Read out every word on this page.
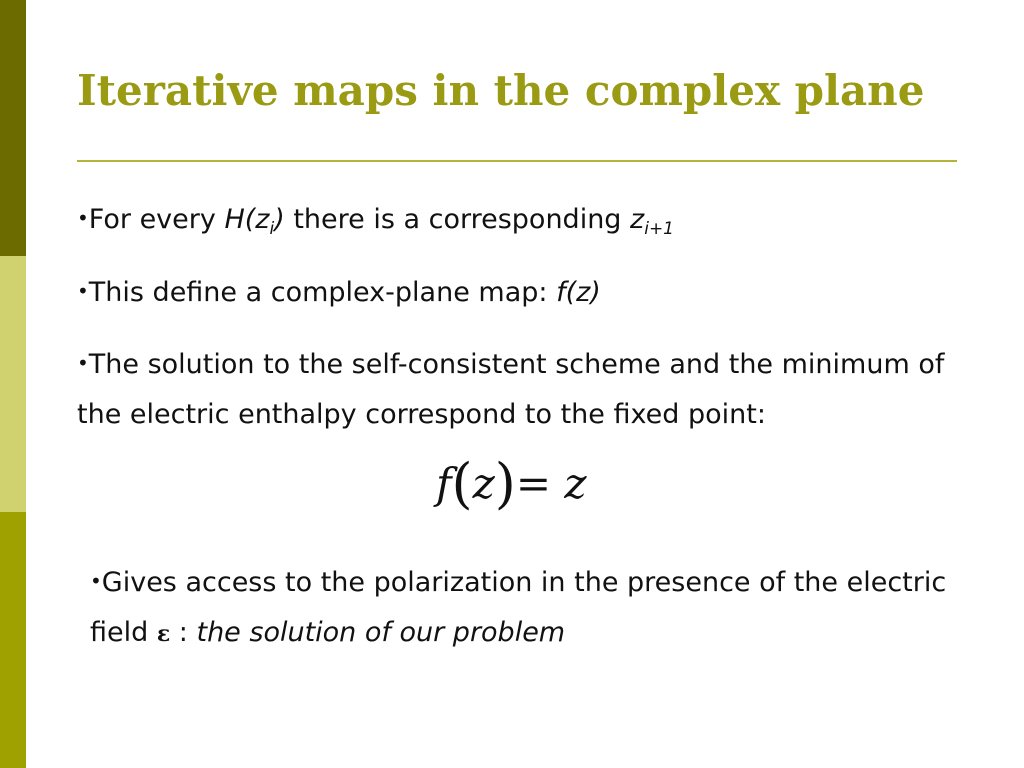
Iterative maps in the complex plane
•For every $H(z_i)$ there is a corresponding $z_{i+1}$
•This define a complex-plane map: f(z)
•The solution to the self-consistent scheme and the minimum of the electric enthalpy correspond to the fixed point:
f(z)= z
•Gives access to the polarization in the presence of the electric field ε : the solution of our problem
